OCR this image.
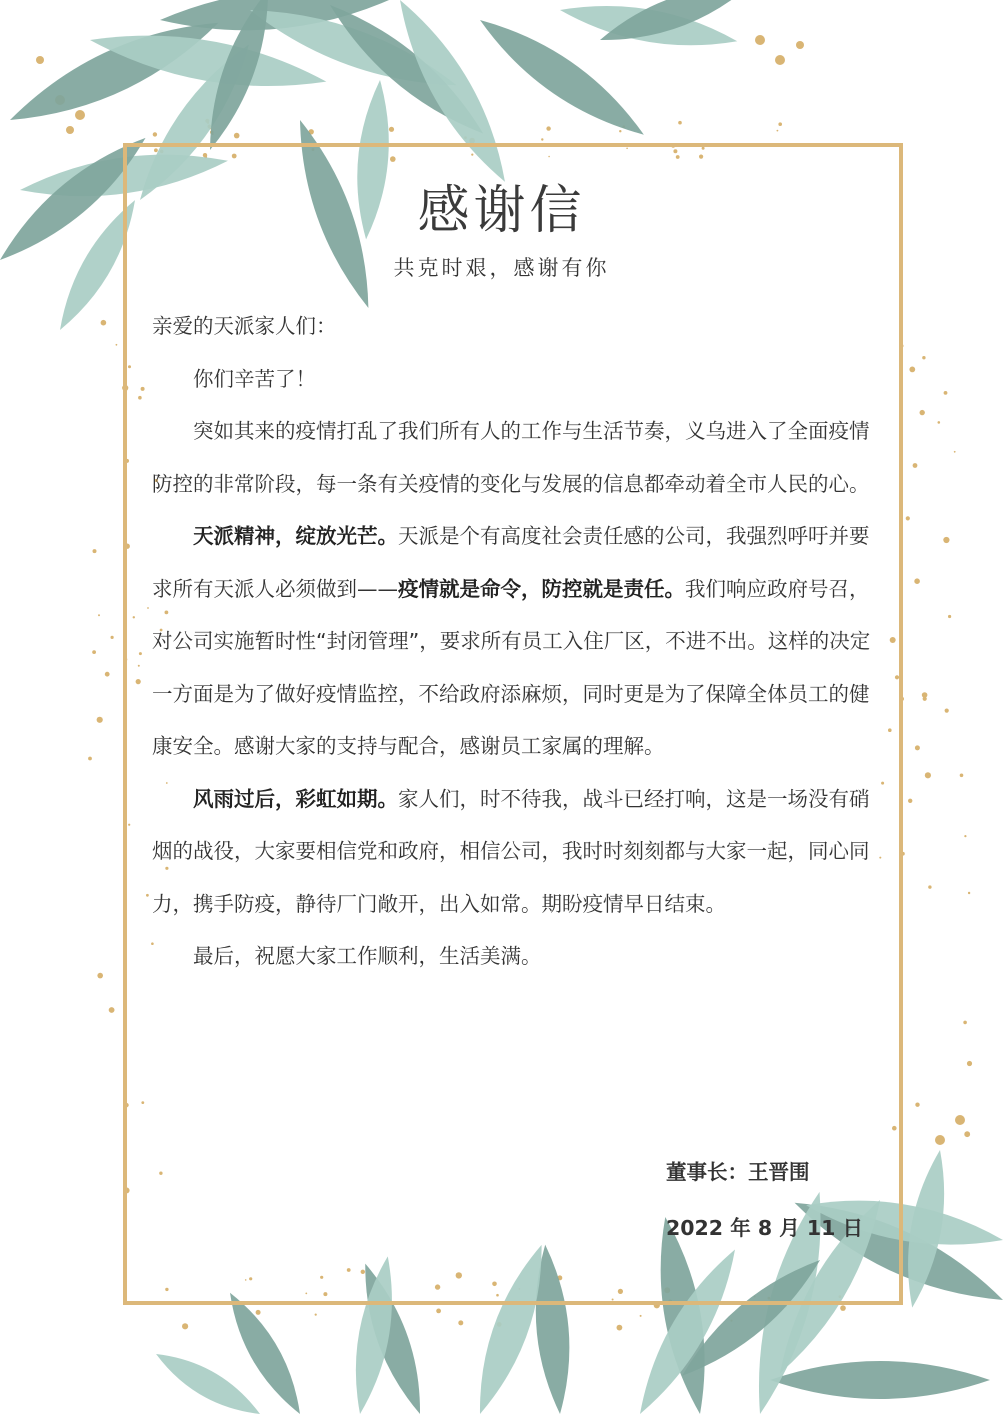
感谢信
共克时艰，感谢有你

亲爱的天派家人们：

你们辛苦了！

突如其来的疫情打乱了我们所有人的工作与生活节奏，义乌进入了全面疫情防控的非常阶段，每一条有关疫情的变化与发展的信息都牵动着全市人民的心。

天派精神，绽放光芒。天派是个有高度社会责任感的公司，我强烈呼吁并要求所有天派人必须做到——疫情就是命令，防控就是责任。我们响应政府号召，对公司实施暂时性“封闭管理”，要求所有员工入住厂区，不进不出。这样的决定一方面是为了做好疫情监控，不给政府添麻烦，同时更是为了保障全体员工的健康安全。感谢大家的支持与配合，感谢员工家属的理解。

风雨过后，彩虹如期。家人们，时不待我，战斗已经打响，这是一场没有硝烟的战役，大家要相信党和政府，相信公司，我时时刻刻都与大家一起，同心同力，携手防疫，静待厂门敞开，出入如常。期盼疫情早日结束。

最后，祝愿大家工作顺利，生活美满。

董事长：王晋围
2022 年 8 月 11 日
